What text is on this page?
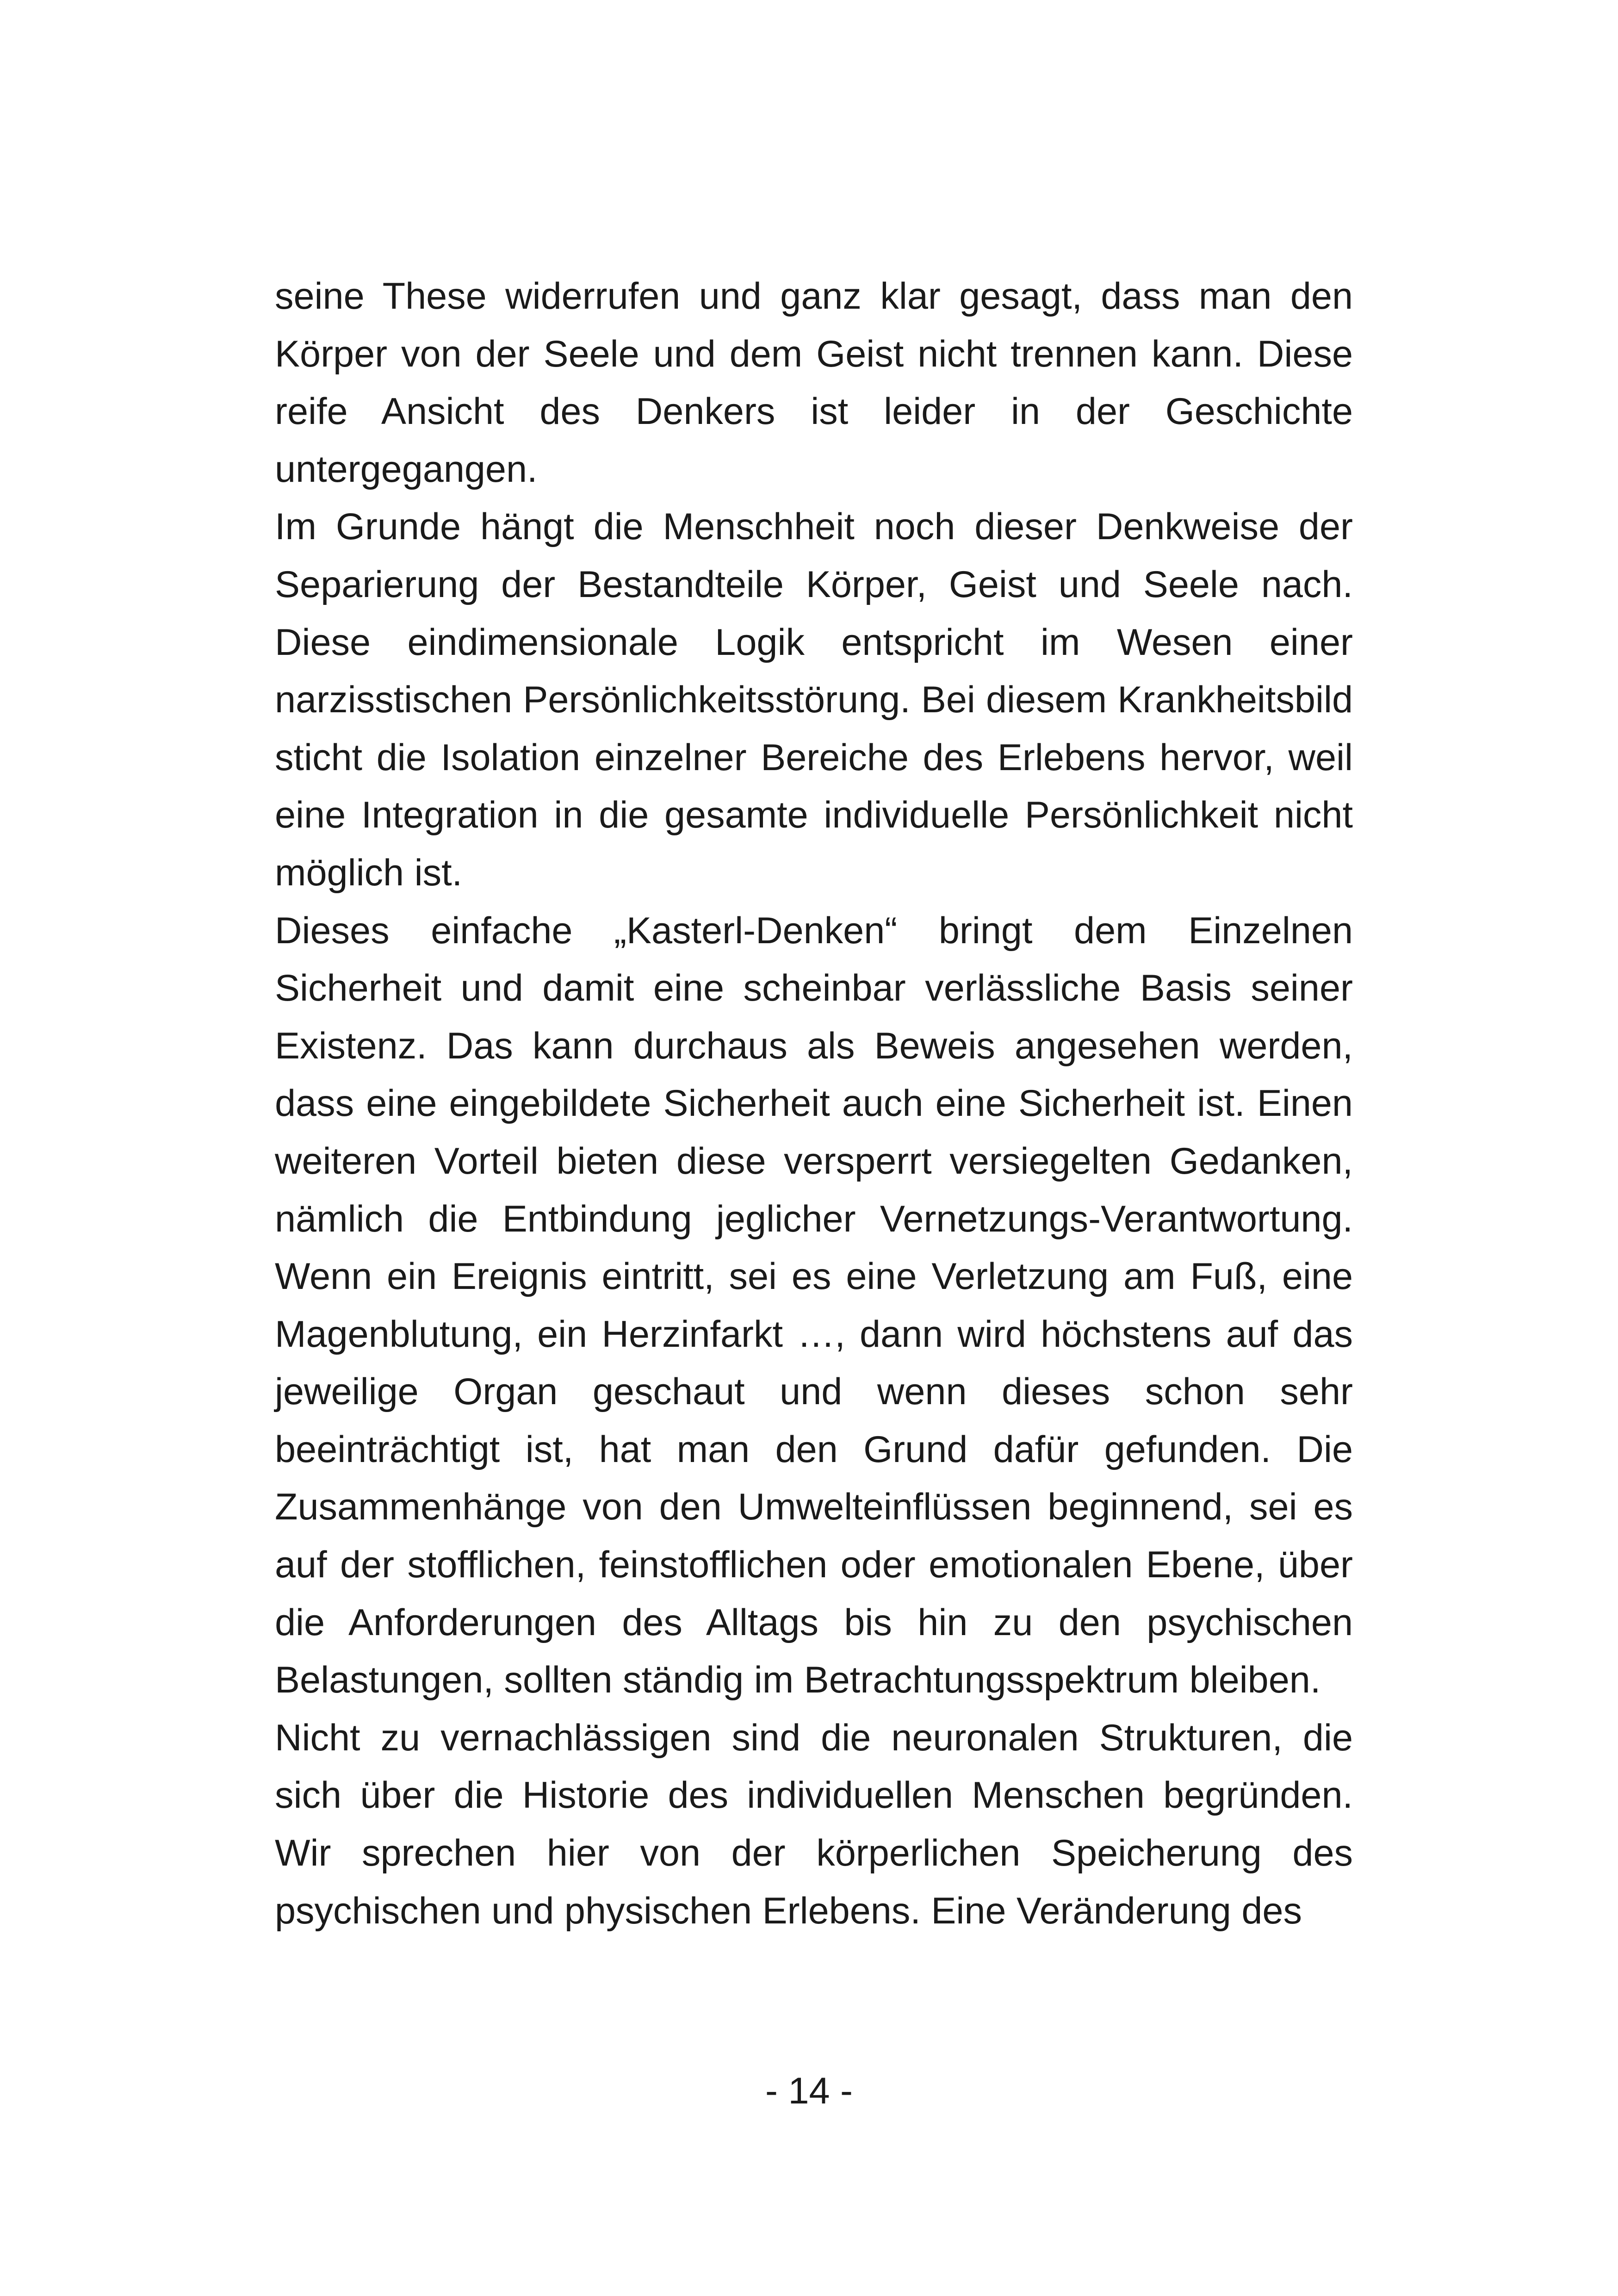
seine These widerrufen und ganz klar gesagt, dass man den Körper von der Seele und dem Geist nicht trennen kann. Diese reife Ansicht des Denkers ist leider in der Geschichte untergegangen.

Im Grunde hängt die Menschheit noch dieser Denkweise der Separierung der Bestandteile Körper, Geist und Seele nach. Diese eindimensionale Logik entspricht im Wesen einer narzisstischen Persönlichkeitsstörung. Bei diesem Krankheitsbild sticht die Isolation einzelner Bereiche des Erlebens hervor, weil eine Integration in die gesamte individuelle Persönlichkeit nicht möglich ist.

Dieses einfache „Kasterl-Denken“ bringt dem Einzelnen Sicherheit und damit eine scheinbar verlässliche Basis seiner Existenz. Das kann durchaus als Beweis angesehen werden, dass eine eingebildete Sicherheit auch eine Sicherheit ist. Einen weiteren Vorteil bieten diese versperrt versiegelten Gedanken, nämlich die Entbindung jeglicher Vernetzungs-Verantwortung. Wenn ein Ereignis eintritt, sei es eine Verletzung am Fuß, eine Magenblutung, ein Herzinfarkt …, dann wird höchstens auf das jeweilige Organ geschaut und wenn dieses schon sehr beeinträchtigt ist, hat man den Grund dafür gefunden. Die Zusammenhänge von den Umwelteinflüssen beginnend, sei es auf der stofflichen, feinstofflichen oder emotionalen Ebene, über die Anforderungen des Alltags bis hin zu den psychischen Belastungen, sollten ständig im Betrachtungsspektrum bleiben.

Nicht zu vernachlässigen sind die neuronalen Strukturen, die sich über die Historie des individuellen Menschen begründen. Wir sprechen hier von der körperlichen Speicherung des psychischen und physischen Erlebens. Eine Veränderung des

- 14 -
